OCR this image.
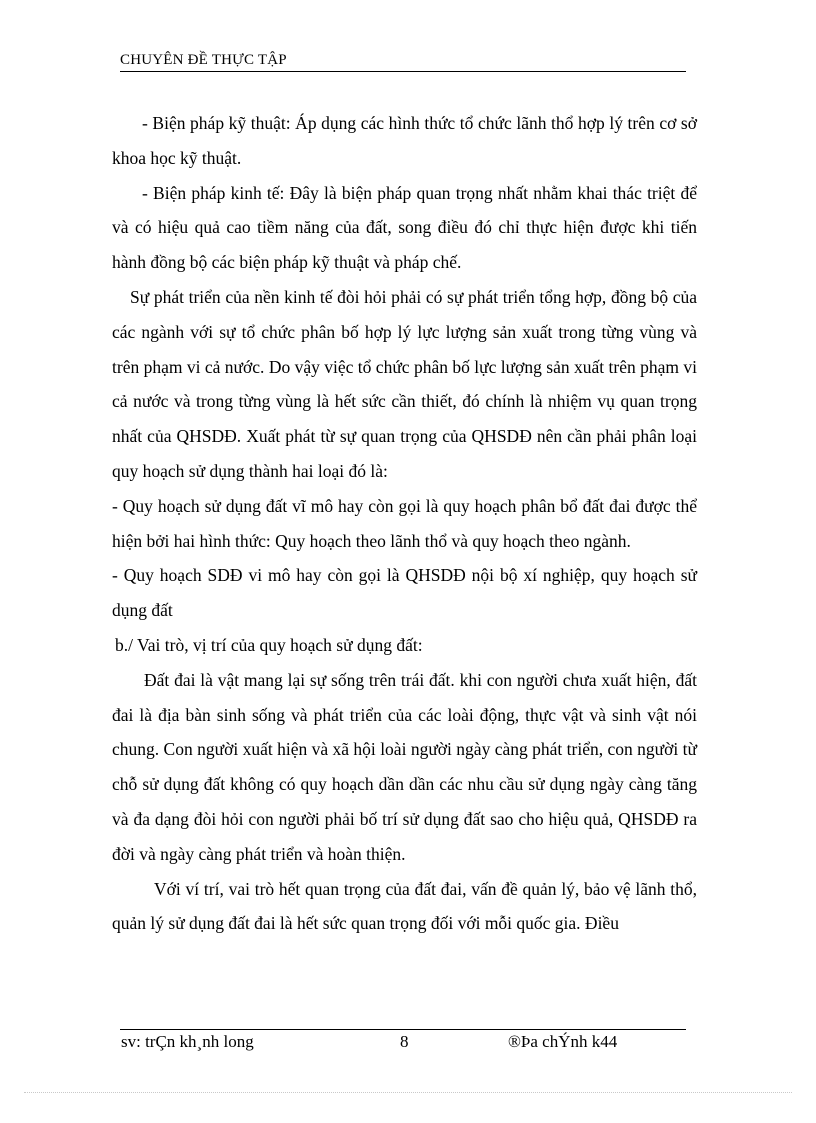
CHUYÊN ĐỀ THỰC TẬP

- Biện pháp kỹ thuật: Áp dụng các hình thức tổ chức lãnh thổ hợp lý trên cơ sở khoa học kỹ thuật.

- Biện pháp kinh tế: Đây là biện pháp quan trọng nhất nhằm khai thác triệt để và có hiệu quả cao tiềm năng của đất, song điều đó chỉ thực hiện được khi tiến hành đồng bộ các biện pháp kỹ thuật và pháp chế.

Sự phát triển của nền kinh tế đòi hỏi phải có sự phát triển tổng hợp, đồng bộ của các ngành với sự tổ chức phân bố hợp lý lực lượng sản xuất trong từng vùng và trên phạm vi cả nước. Do vậy việc tổ chức phân bố lực lượng sản xuất trên phạm vi cả nước và trong từng vùng là hết sức cần thiết, đó chính là nhiệm vụ quan trọng nhất của QHSDĐ. Xuất phát từ sự quan trọng của QHSDĐ nên cần phải phân loại quy hoạch sử dụng thành hai loại đó là:

- Quy hoạch sử dụng đất vĩ mô hay còn gọi là quy hoạch phân bổ đất đai được thể hiện bởi hai hình thức: Quy hoạch theo lãnh thổ và quy hoạch theo ngành.

- Quy hoạch SDĐ vi mô hay còn gọi là QHSDĐ nội bộ xí nghiệp, quy hoạch sử dụng đất

b./ Vai trò, vị trí của quy hoạch sử dụng đất:

Đất đai là vật mang lại sự sống trên trái đất. khi con người chưa xuất hiện, đất đai là địa bàn sinh sống và phát triển của các loài động, thực vật và sinh vật nói chung. Con người xuất hiện và xã hội loài người ngày càng phát triển, con người từ chỗ sử dụng đất không có quy hoạch dần dần các nhu cầu sử dụng ngày càng tăng và đa dạng đòi hỏi con người phải bố trí sử dụng đất sao cho hiệu quả, QHSDĐ ra đời và ngày càng phát triển và hoàn thiện.

Với ví trí, vai trò hết quan trọng của đất đai, vấn đề quản lý, bảo vệ lãnh thổ, quản lý sử dụng đất đai là hết sức quan trọng đối với mỗi quốc gia. Điều

sv: trÇn kh¸nh long	8	®Þa chÝnh k44
